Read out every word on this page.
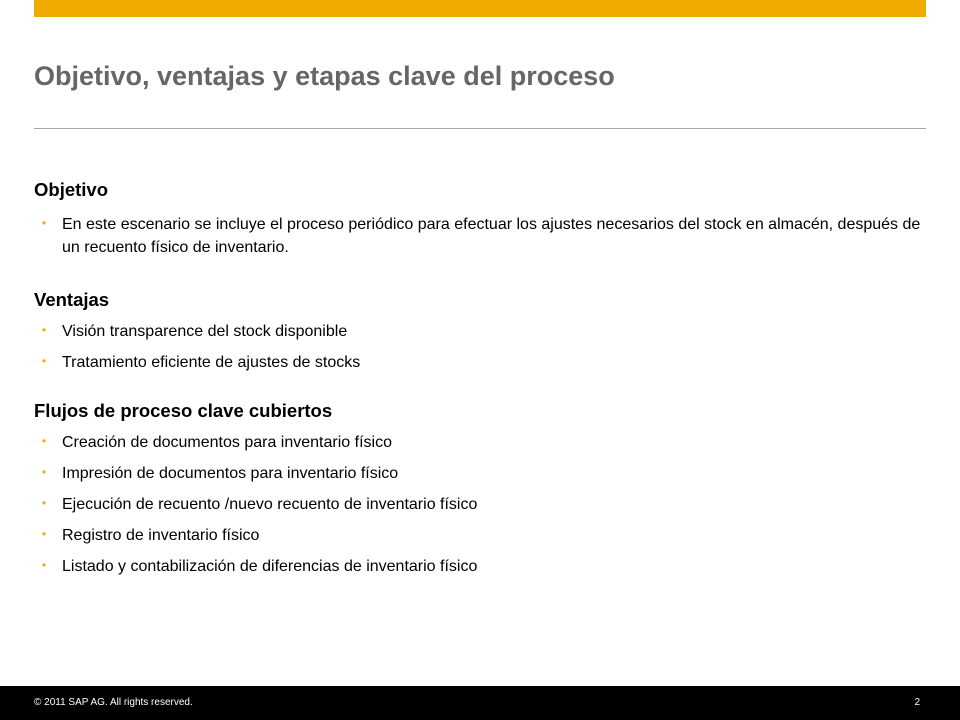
Objetivo, ventajas y etapas clave del proceso
Objetivo
• En este escenario se incluye el proceso periódico para efectuar los ajustes necesarios del stock en almacén, después de un recuento físico de inventario.
Ventajas
• Visión transparence del stock disponible
• Tratamiento eficiente de ajustes de stocks
Flujos de proceso clave cubiertos
• Creación de documentos para inventario físico
• Impresión de documentos para inventario físico
• Ejecución de recuento /nuevo recuento de inventario físico
• Registro de inventario físico
• Listado y contabilización de diferencias de inventario físico
© 2011 SAP AG. All rights reserved.	2
